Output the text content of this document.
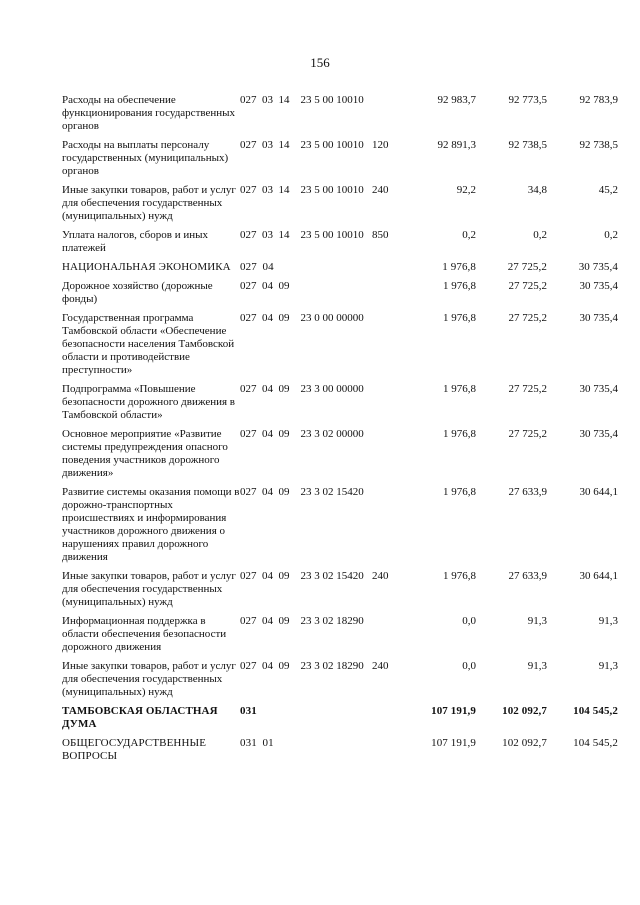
156
Расходы на обеспечение функционирования государственных органов	027  03  14    23 5 00 10010	92 983,7	92 773,5	92 783,9
Расходы на выплаты персоналу государственных (муниципальных) органов	027  03  14    23 5 00 10010   120	92 891,3	92 738,5	92 738,5
Иные закупки товаров, работ и услуг для обеспечения государственных (муниципальных) нужд	027  03  14    23 5 00 10010   240	92,2	34,8	45,2
Уплата налогов, сборов и иных платежей	027  03  14    23 5 00 10010   850	0,2	0,2	0,2
НАЦИОНАЛЬНАЯ ЭКОНОМИКА	027  04	1 976,8	27 725,2	30 735,4
Дорожное хозяйство (дорожные фонды)	027  04  09	1 976,8	27 725,2	30 735,4
Государственная программа Тамбовской области «Обеспечение безопасности населения Тамбовской области и противодействие преступности»	027  04  09    23 0 00 00000	1 976,8	27 725,2	30 735,4
Подпрограмма «Повышение безопасности дорожного движения в Тамбовской области»	027  04  09    23 3 00 00000	1 976,8	27 725,2	30 735,4
Основное мероприятие «Развитие системы предупреждения опасного поведения участников дорожного движения»	027  04  09    23 3 02 00000	1 976,8	27 725,2	30 735,4
Развитие системы оказания помощи в дорожно-транспортных происшествиях и информирования участников дорожного движения о нарушениях правил дорожного движения	027  04  09    23 3 02 15420	1 976,8	27 633,9	30 644,1
Иные закупки товаров, работ и услуг для обеспечения государственных (муниципальных) нужд	027  04  09    23 3 02 15420   240	1 976,8	27 633,9	30 644,1
Информационная поддержка в области обеспечения безопасности дорожного движения	027  04  09    23 3 02 18290	0,0	91,3	91,3
Иные закупки товаров, работ и услуг для обеспечения государственных (муниципальных) нужд	027  04  09    23 3 02 18290   240	0,0	91,3	91,3
ТАМБОВСКАЯ ОБЛАСТНАЯ ДУМА	031	107 191,9	102 092,7	104 545,2
ОБЩЕГОСУДАРСТВЕННЫЕ ВОПРОСЫ	031  01	107 191,9	102 092,7	104 545,2
